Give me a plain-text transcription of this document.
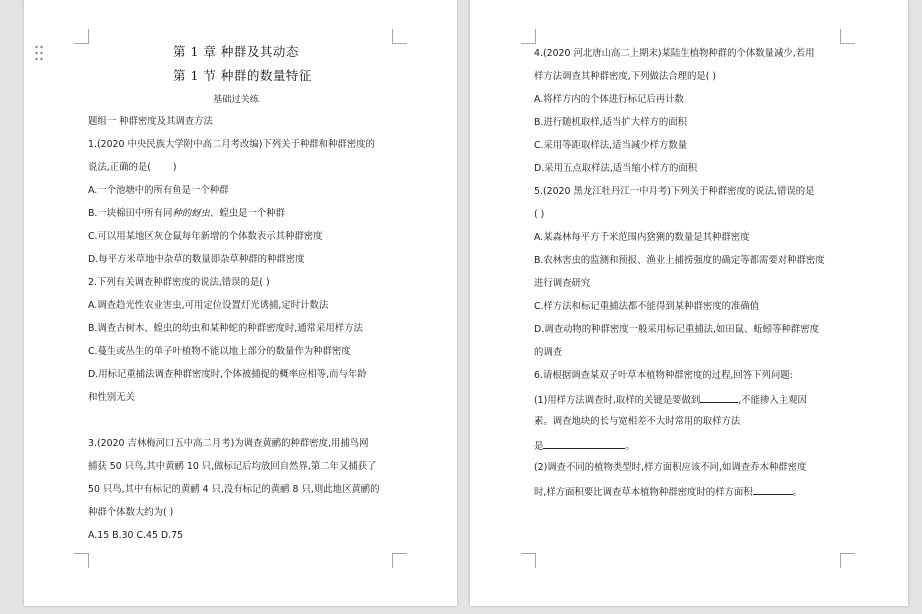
第 1 章 种群及其动态
第 1 节 种群的数量特征
基础过关练
题组一 种群密度及其调查方法
1.(2020 中央民族大学附中高二月考改编)下列关于种群和种群密度的
说法,正确的是( )
A.一个池塘中的所有鱼是一个种群
B.一块棉田中所有同种的蚜虫、蝗虫是一个种群
C.可以用某地区灰仓鼠每年新增的个体数表示其种群密度
D.每平方米草地中杂草的数量即杂草种群的种群密度
2.下列有关调查种群密度的说法,错误的是( )
A.调查趋光性农业害虫,可用定位设置灯光诱捕,定时计数法
B.调查古树木、蝗虫的幼虫和某种蛇的种群密度时,通常采用样方法
C.蔓生或丛生的单子叶植物不能以地上部分的数量作为种群密度
D.用标记重捕法调查种群密度时,个体被捕捉的概率应相等,而与年龄
和性别无关
3.(2020 吉林梅河口五中高二月考)为调查黄鹂的种群密度,用捕鸟网
捕获 50 只鸟,其中黄鹂 10 只,做标记后均放回自然界,第二年又捕获了
50 只鸟,其中有标记的黄鹂 4 只,没有标记的黄鹂 8 只,则此地区黄鹂的
种群个体数大约为( )
A.15 B.30 C.45 D.75
4.(2020 河北唐山高二上期末)某陆生植物种群的个体数量减少,若用
样方法调查其种群密度,下列做法合理的是( )
A.将样方内的个体进行标记后再计数
B.进行随机取样,适当扩大样方的面积
C.采用等距取样法,适当减少样方数量
D.采用五点取样法,适当缩小样方的面积
5.(2020 黑龙江牡丹江一中月考)下列关于种群密度的说法,错误的是
( )
A.某森林每平方千米范围内猞猁的数量是其种群密度
B.农林害虫的监测和预报、渔业上捕捞强度的确定等都需要对种群密度
进行调查研究
C.样方法和标记重捕法都不能得到某种群密度的准确值
D.调查动物的种群密度一般采用标记重捕法,如田鼠、蚯蚓等种群密度
的调查
6.请根据调查某双子叶草本植物种群密度的过程,回答下列问题:
(1)用样方法调查时,取样的关键是要做到	,不能掺入主观因
素。调查地块的长与宽相差不大时常用的取样方法
是	。
(2)调查不同的植物类型时,样方面积应该不同,如调查乔木种群密度
时,样方面积要比调查草本植物种群密度时的样方面积	。
